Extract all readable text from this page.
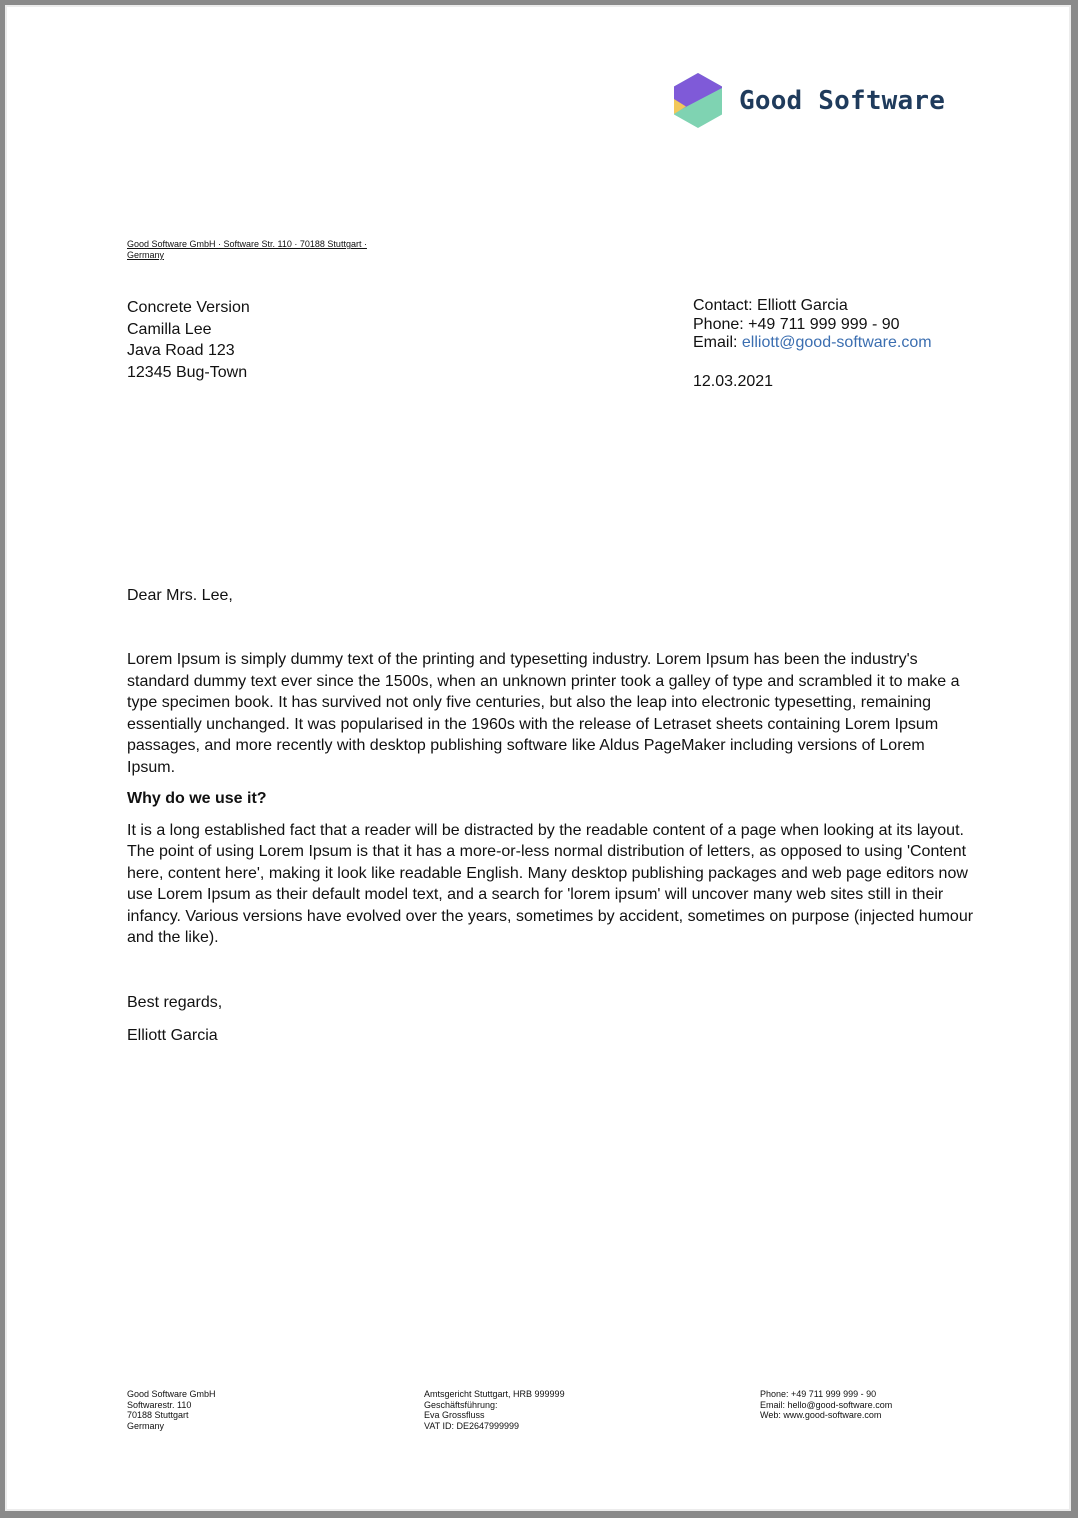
Good Software
Good Software GmbH · Software Str. 110 · 70188 Stuttgart · Germany
Concrete Version
Camilla Lee
Java Road 123
12345 Bug-Town
Contact: Elliott Garcia
Phone: +49 711 999 999 - 90
Email: elliott@good-software.com
12.03.2021
Dear Mrs. Lee,

Lorem Ipsum is simply dummy text of the printing and typesetting industry. Lorem Ipsum has been the industry's standard dummy text ever since the 1500s, when an unknown printer took a galley of type and scrambled it to make a type specimen book. It has survived not only five centuries, but also the leap into electronic typesetting, remaining essentially unchanged. It was popularised in the 1960s with the release of Letraset sheets containing Lorem Ipsum passages, and more recently with desktop publishing software like Aldus PageMaker including versions of Lorem Ipsum.

Why do we use it?

It is a long established fact that a reader will be distracted by the readable content of a page when looking at its layout. The point of using Lorem Ipsum is that it has a more-or-less normal distribution of letters, as opposed to using 'Content here, content here', making it look like readable English. Many desktop publishing packages and web page editors now use Lorem Ipsum as their default model text, and a search for 'lorem ipsum' will uncover many web sites still in their infancy. Various versions have evolved over the years, sometimes by accident, sometimes on purpose (injected humour and the like).

Best regards,
Elliott Garcia
Good Software GmbH
Softwarestr. 110
70188 Stuttgart
Germany
Amtsgericht Stuttgart, HRB 999999
Geschäftsführung:
Eva Grossfluss
VAT ID: DE2647999999
Phone: +49 711 999 999 - 90
Email: hello@good-software.com
Web: www.good-software.com
